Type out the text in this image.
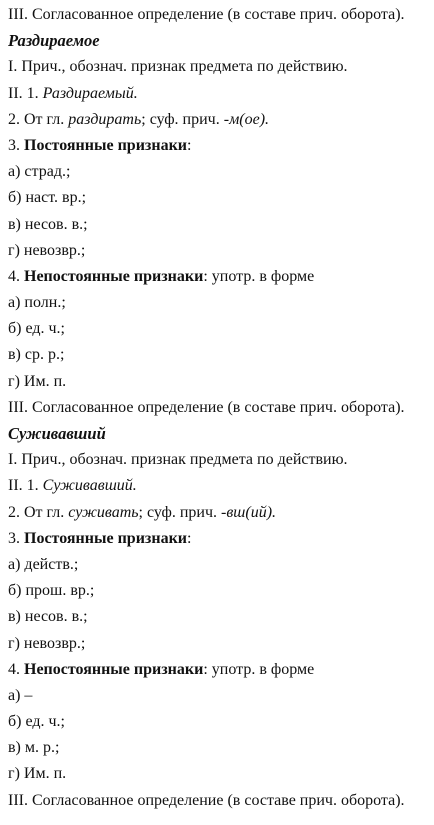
III. Согласованное определение (в составе прич. оборота).
Раздираемое
I. Прич., обознач. признак предмета по действию.
II. 1. Раздираемый.
2. От гл. раздирать; суф. прич. -м(ое).
3. Постоянные признаки:
а) страд.;
б) наст. вр.;
в) несов. в.;
г) невозвр.;
4. Непостоянные признаки: употр. в форме
а) полн.;
б) ед. ч.;
в) ср. р.;
г) Им. п.
III. Согласованное определение (в составе прич. оборота).
Суживавший
I. Прич., обознач. признак предмета по действию.
II. 1. Суживавший.
2. От гл. суживать; суф. прич. -вш(ий).
3. Постоянные признаки:
а) действ.;
б) прош. вр.;
в) несов. в.;
г) невозвр.;
4. Непостоянные признаки: употр. в форме
а) –
б) ед. ч.;
в) м. р.;
г) Им. п.
III. Согласованное определение (в составе прич. оборота).
